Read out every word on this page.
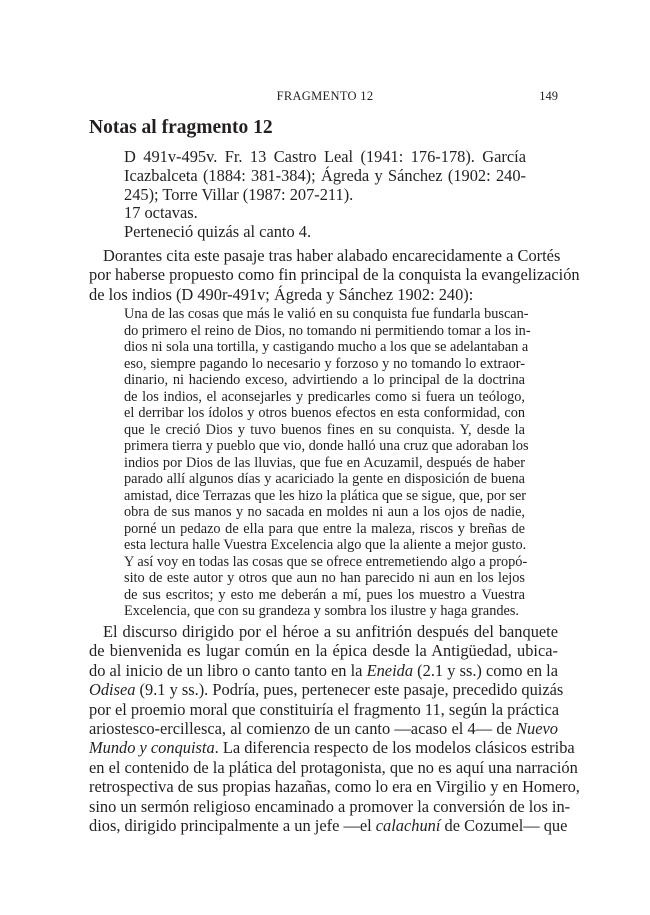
FRAGMENTO 12	149
Notas al fragmento 12
D 491v-495v. Fr. 13 Castro Leal (1941: 176-178). García
Icazbalceta (1884: 381-384); Ágreda y Sánchez (1902: 240-
245); Torre Villar (1987: 207-211).
17 octavas.
Perteneció quizás al canto 4.
Dorantes cita este pasaje tras haber alabado encarecidamente a Cortés
por haberse propuesto como fin principal de la conquista la evangelización
de los indios (D 490r-491v; Ágreda y Sánchez 1902: 240):
Una de las cosas que más le valió en su conquista fue fundarla buscan-
do primero el reino de Dios, no tomando ni permitiendo tomar a los in-
dios ni sola una tortilla, y castigando mucho a los que se adelantaban a
eso, siempre pagando lo necesario y forzoso y no tomando lo extraor-
dinario, ni haciendo exceso, advirtiendo a lo principal de la doctrina
de los indios, el aconsejarles y predicarles como si fuera un teólogo,
el derribar los ídolos y otros buenos efectos en esta conformidad, con
que le creció Dios y tuvo buenos fines en su conquista. Y, desde la
primera tierra y pueblo que vio, donde halló una cruz que adoraban los
indios por Dios de las lluvias, que fue en Acuzamil, después de haber
parado allí algunos días y acariciado la gente en disposición de buena
amistad, dice Terrazas que les hizo la plática que se sigue, que, por ser
obra de sus manos y no sacada en moldes ni aun a los ojos de nadie,
porné un pedazo de ella para que entre la maleza, riscos y breñas de
esta lectura halle Vuestra Excelencia algo que la aliente a mejor gusto.
Y así voy en todas las cosas que se ofrece entremetiendo algo a propó-
sito de este autor y otros que aun no han parecido ni aun en los lejos
de sus escritos; y esto me deberán a mí, pues los muestro a Vuestra
Excelencia, que con su grandeza y sombra los ilustre y haga grandes.
El discurso dirigido por el héroe a su anfitrión después del banquete
de bienvenida es lugar común en la épica desde la Antigüedad, ubica-
do al inicio de un libro o canto tanto en la Eneida (2.1 y ss.) como en la
Odisea (9.1 y ss.). Podría, pues, pertenecer este pasaje, precedido quizás
por el proemio moral que constituiría el fragmento 11, según la práctica
ariostesco-ercillesca, al comienzo de un canto —acaso el 4— de Nuevo
Mundo y conquista. La diferencia respecto de los modelos clásicos estriba
en el contenido de la plática del protagonista, que no es aquí una narración
retrospectiva de sus propias hazañas, como lo era en Virgilio y en Homero,
sino un sermón religioso encaminado a promover la conversión de los in-
dios, dirigido principalmente a un jefe —el calachuní de Cozumel— que
